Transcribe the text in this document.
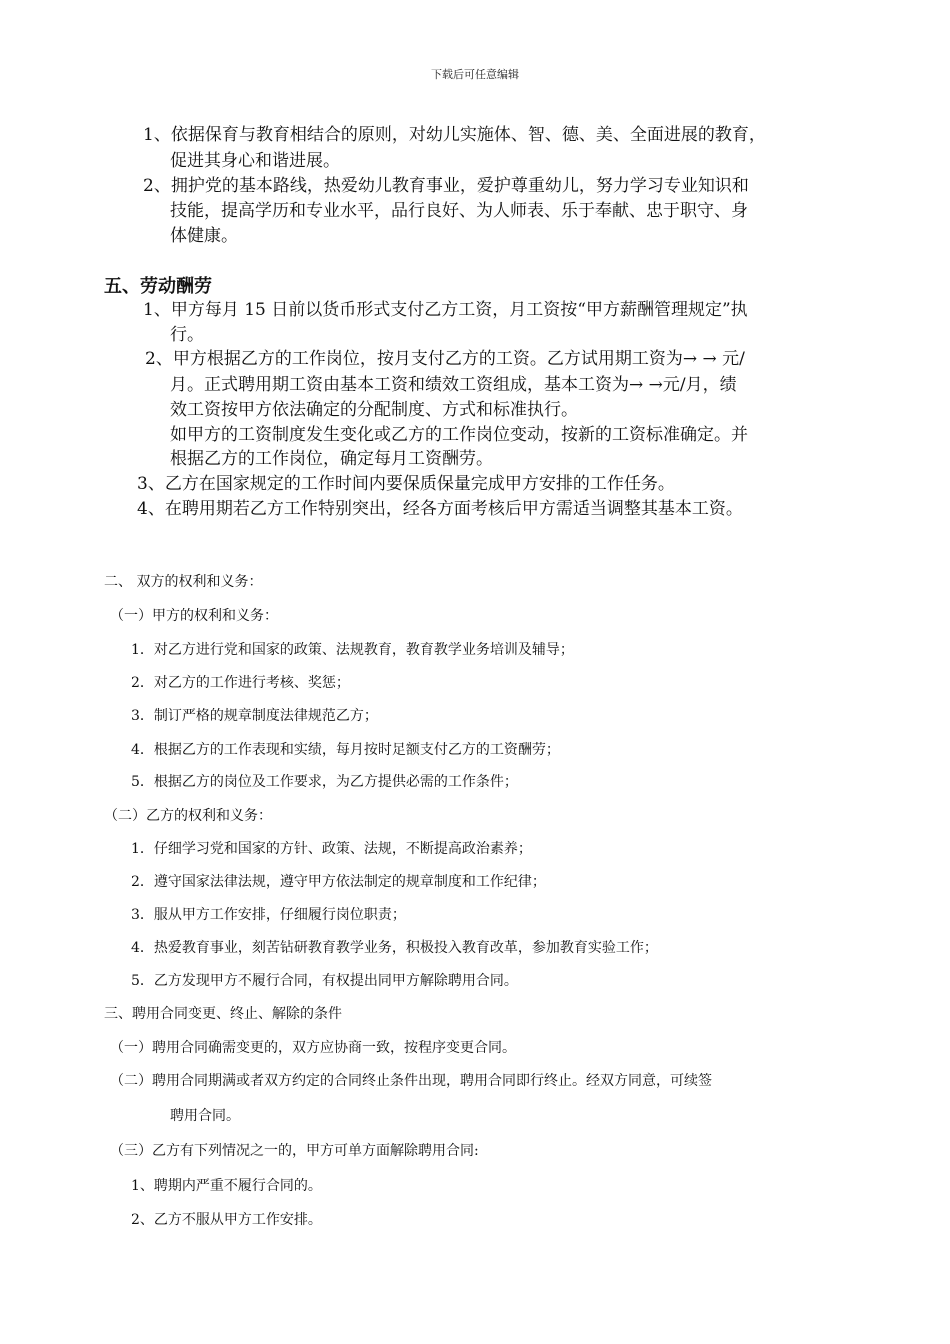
下载后可任意编辑
1、依据保育与教育相结合的原则，对幼儿实施体、智、德、美、全面进展的教育，
促进其身心和谐进展。
2、拥护党的基本路线，热爱幼儿教育事业，爱护尊重幼儿，努力学习专业知识和
技能，提高学历和专业水平，品行良好、为人师表、乐于奉献、忠于职守、身
体健康。
五、劳动酬劳
1、甲方每月 15 日前以货币形式支付乙方工资，月工资按“甲方薪酬管理规定”执
行。
2、甲方根据乙方的工作岗位，按月支付乙方的工资。乙方试用期工资为→ → 元/
月。正式聘用期工资由基本工资和绩效工资组成，基本工资为→ →元/月，绩
效工资按甲方依法确定的分配制度、方式和标准执行。
如甲方的工资制度发生变化或乙方的工作岗位变动，按新的工资标准确定。并
根据乙方的工作岗位，确定每月工资酬劳。
3、乙方在国家规定的工作时间内要保质保量完成甲方安排的工作任务。
4、在聘用期若乙方工作特别突出，经各方面考核后甲方需适当调整其基本工资。
二、 双方的权利和义务：
（一）甲方的权利和义务：
1．对乙方进行党和国家的政策、法规教育，教育教学业务培训及辅导；
2．对乙方的工作进行考核、奖惩；
3．制订严格的规章制度法律规范乙方；
4．根据乙方的工作表现和实绩，每月按时足额支付乙方的工资酬劳；
5．根据乙方的岗位及工作要求，为乙方提供必需的工作条件；
（二）乙方的权利和义务：
1．仔细学习党和国家的方针、政策、法规，不断提高政治素养；
2．遵守国家法律法规，遵守甲方依法制定的规章制度和工作纪律；
3．服从甲方工作安排，仔细履行岗位职责；
4．热爱教育事业，刻苦钻研教育教学业务，积极投入教育改革，参加教育实验工作；
5．乙方发现甲方不履行合同，有权提出同甲方解除聘用合同。
三、聘用合同变更、终止、解除的条件
（一）聘用合同确需变更的，双方应协商一致，按程序变更合同。
（二）聘用合同期满或者双方约定的合同终止条件出现，聘用合同即行终止。经双方同意，可续签
聘用合同。
（三）乙方有下列情况之一的，甲方可单方面解除聘用合同:
1、聘期内严重不履行合同的。
2、乙方不服从甲方工作安排。
